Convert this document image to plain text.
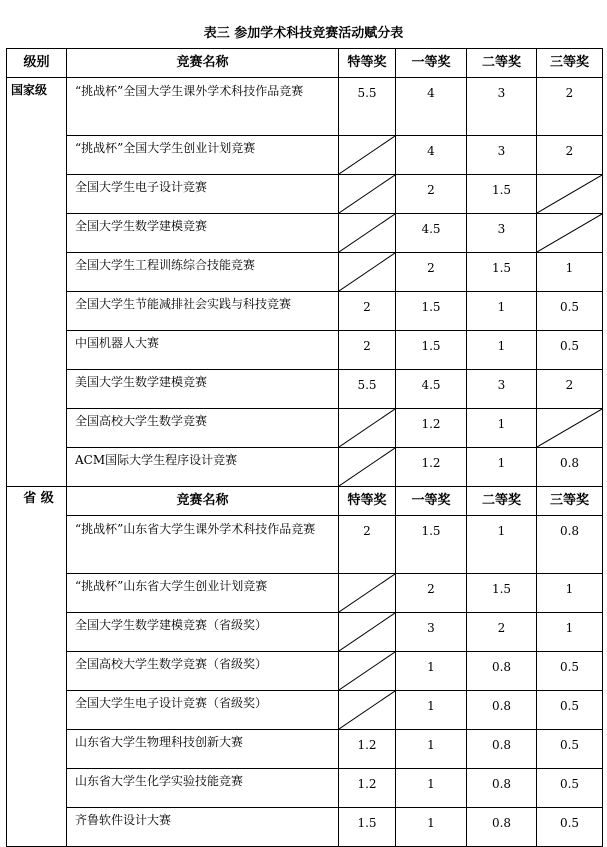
表三 参加学术科技竞赛活动赋分表
级别	竞赛名称	特等奖	一等奖	二等奖	三等奖
国家级	“挑战杯”全国大学生课外学术科技作品竞赛	5.5	4	3	2
	“挑战杯”全国大学生创业计划竞赛		4	3	2
	全国大学生电子设计竞赛		2	1.5	

	全国大学生数学建模竞赛		4.5	3	

	全国大学生工程训练综合技能竞赛		2	1.5	1
	全国大学生节能减排社会实践与科技竞赛	2	1.5	1	0.5
	中国机器人大赛	2	1.5	1	0.5
	美国大学生数学建模竞赛	5.5	4.5	3	2
	全国高校大学生数学竞赛		1.2	1	

	ACM国际大学生程序设计竞赛		1.2	1	0.8
省 级	竞赛名称	特等奖	一等奖	二等奖	三等奖
	“挑战杯”山东省大学生课外学术科技作品竞赛	2	1.5	1	0.8
	“挑战杯”山东省大学生创业计划竞赛		2	1.5	1
	全国大学生数学建模竞赛（省级奖）		3	2	1
	全国高校大学生数学竞赛（省级奖）		1	0.8	0.5
	全国大学生电子设计竞赛（省级奖）		1	0.8	0.5
	山东省大学生物理科技创新大赛	1.2	1	0.8	0.5
	山东省大学生化学实验技能竞赛	1.2	1	0.8	0.5
	齐鲁软件设计大赛	1.5	1	0.8	0.5
